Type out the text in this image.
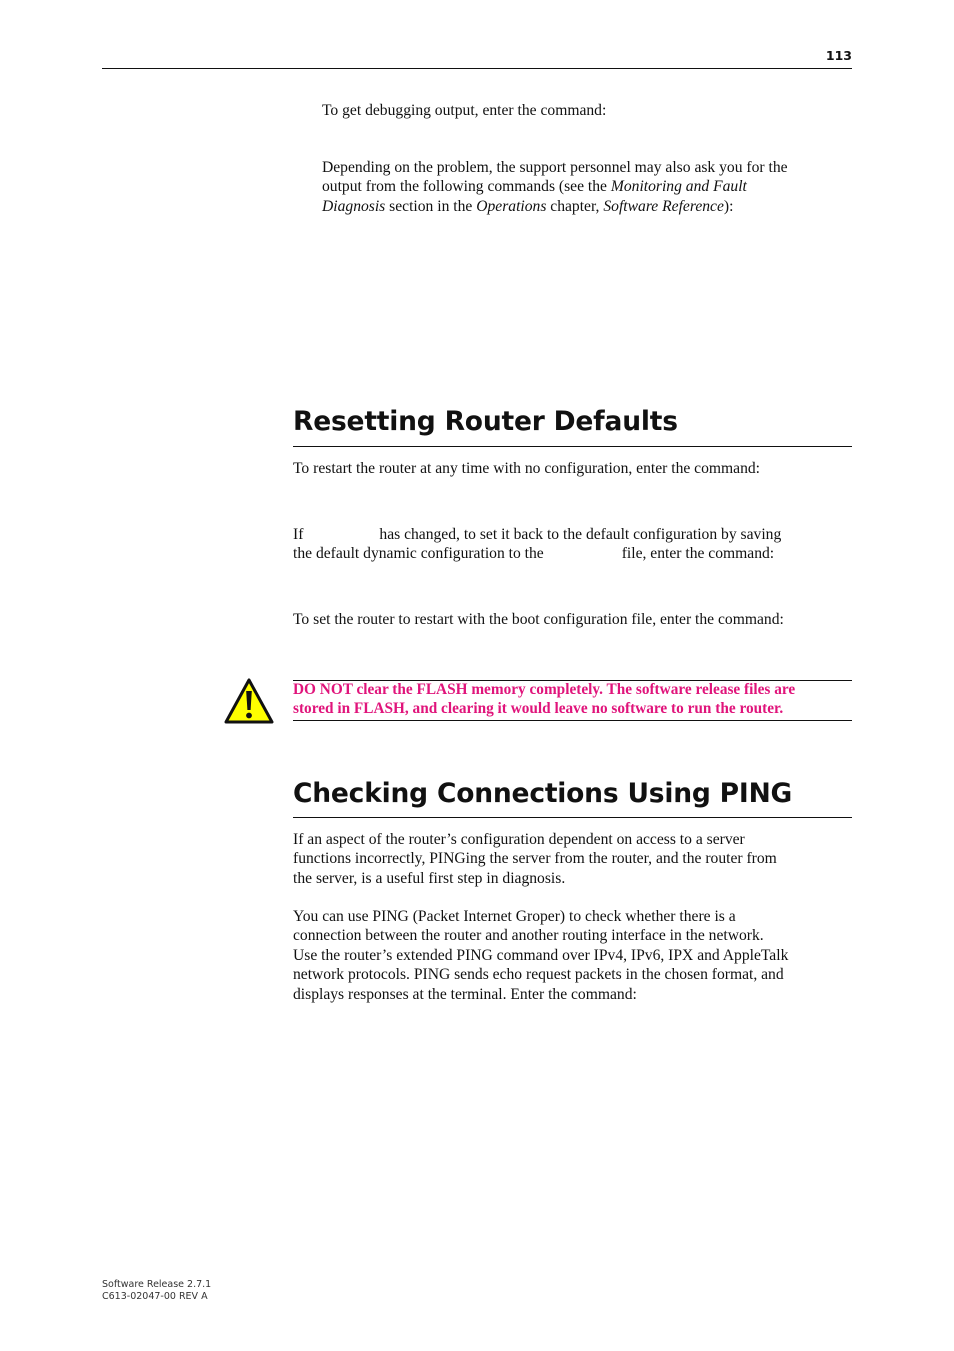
113
To get debugging output, enter the command:
Depending on the problem, the support personnel may also ask you for the
output from the following commands (see the Monitoring and Fault
Diagnosis section in the Operations chapter, Software Reference):
Resetting Router Defaults
To restart the router at any time with no configuration, enter the command:
If	has changed, to set it back to the default configuration by saving
the default dynamic configuration to the	file, enter the command:
To set the router to restart with the boot configuration file, enter the command:
DO NOT clear the FLASH memory completely. The software release files are
stored in FLASH, and clearing it would leave no software to run the router.
Checking Connections Using PING
If an aspect of the router’s configuration dependent on access to a server
functions incorrectly, PINGing the server from the router, and the router from
the server, is a useful first step in diagnosis.
You can use PING (Packet Internet Groper) to check whether there is a
connection between the router and another routing interface in the network.
Use the router’s extended PING command over IPv4, IPv6, IPX and AppleTalk
network protocols. PING sends echo request packets in the chosen format, and
displays responses at the terminal. Enter the command:
Software Release 2.7.1
C613-02047-00 REV A
